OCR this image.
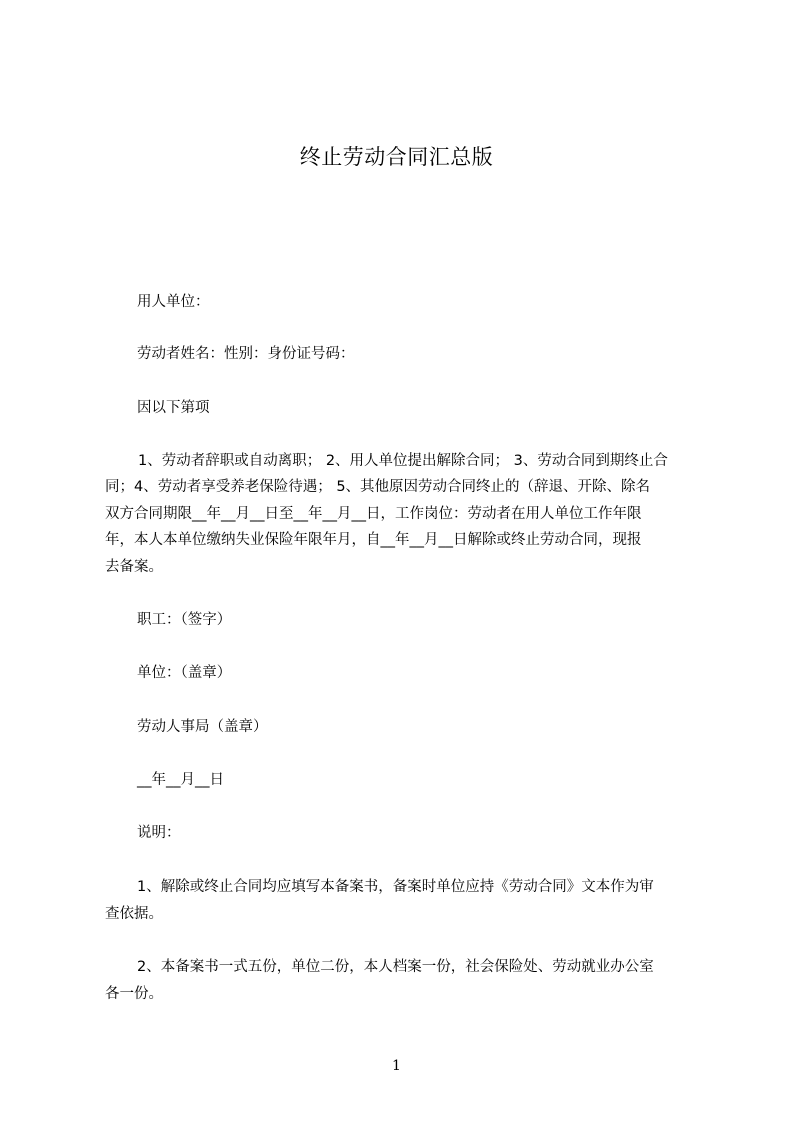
终止劳动合同汇总版
用人单位：
劳动者姓名：性别：身份证号码：
因以下第项
1、劳动者辞职或自动离职； 2、用人单位提出解除合同； 3、劳动合同到期终止合
同；4、劳动者享受养老保险待遇； 5、其他原因劳动合同终止的（辞退、开除、除名
双方合同期限__年__月__日至__年__月__日，工作岗位：劳动者在用人单位工作年限
年，本人本单位缴纳失业保险年限年月，自__年__月__日解除或终止劳动合同，现报
去备案。
职工：（签字）
单位：（盖章）
劳动人事局（盖章）
__年__月__日
说明：
1、解除或终止合同均应填写本备案书，备案时单位应持《劳动合同》文本作为审
查依据。
2、本备案书一式五份，单位二份，本人档案一份，社会保险处、劳动就业办公室
各一份。
1
